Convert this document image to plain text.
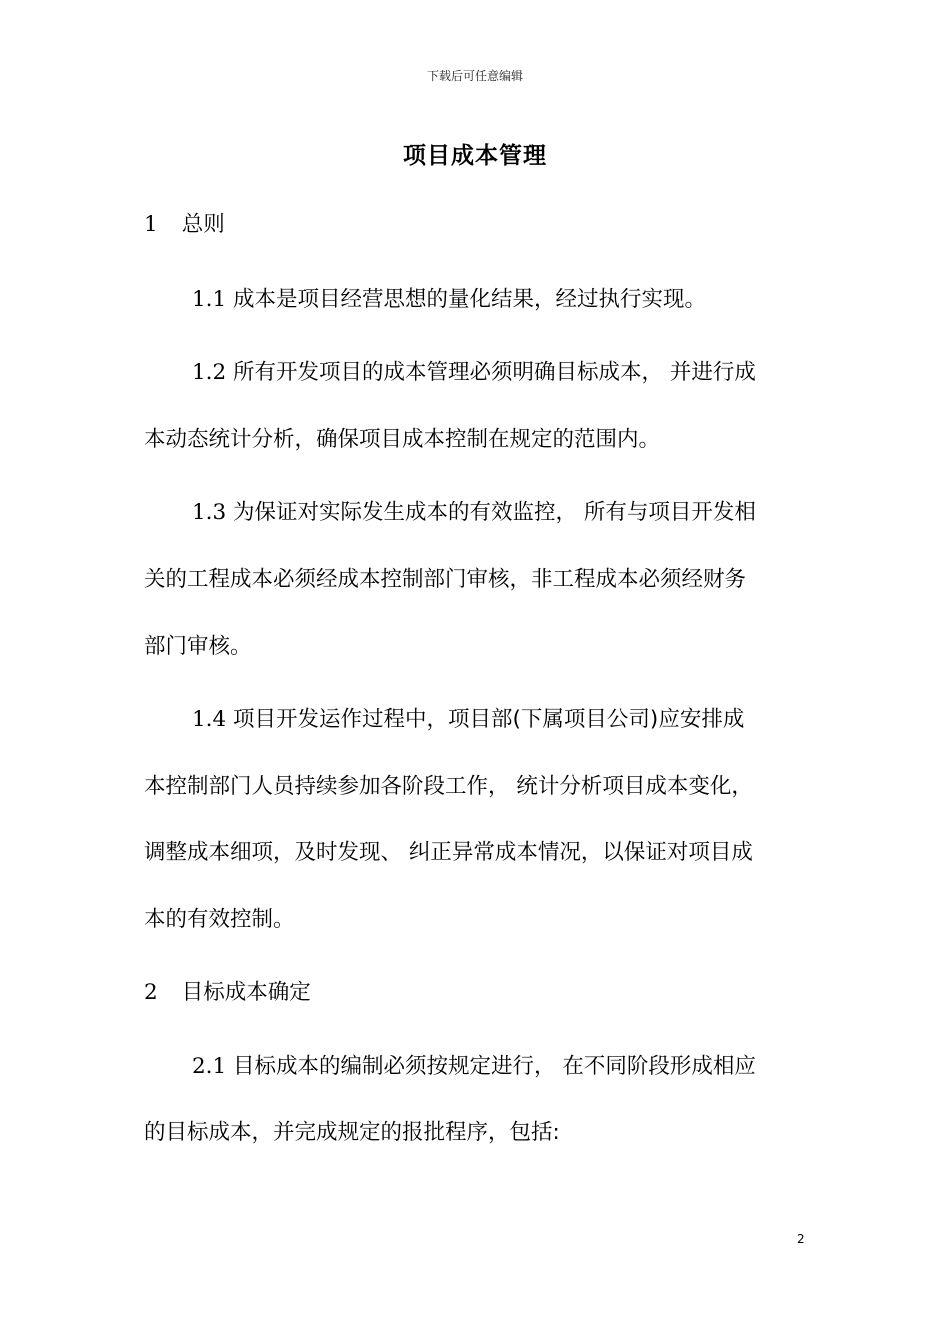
下载后可任意编辑
项目成本管理
1 总则
1.1 成本是项目经营思想的量化结果，经过执行实现。
1.2 所有开发项目的成本管理必须明确目标成本， 并进行成
本动态统计分析，确保项目成本控制在规定的范围内。
1.3 为保证对实际发生成本的有效监控， 所有与项目开发相
关的工程成本必须经成本控制部门审核，非工程成本必须经财务
部门审核。
1.4 项目开发运作过程中，项目部(下属项目公司)应安排成
本控制部门人员持续参加各阶段工作， 统计分析项目成本变化，
调整成本细项，及时发现、 纠正异常成本情况，以保证对项目成
本的有效控制。
2 目标成本确定
2.1 目标成本的编制必须按规定进行， 在不同阶段形成相应
的目标成本，并完成规定的报批程序，包括:
2
